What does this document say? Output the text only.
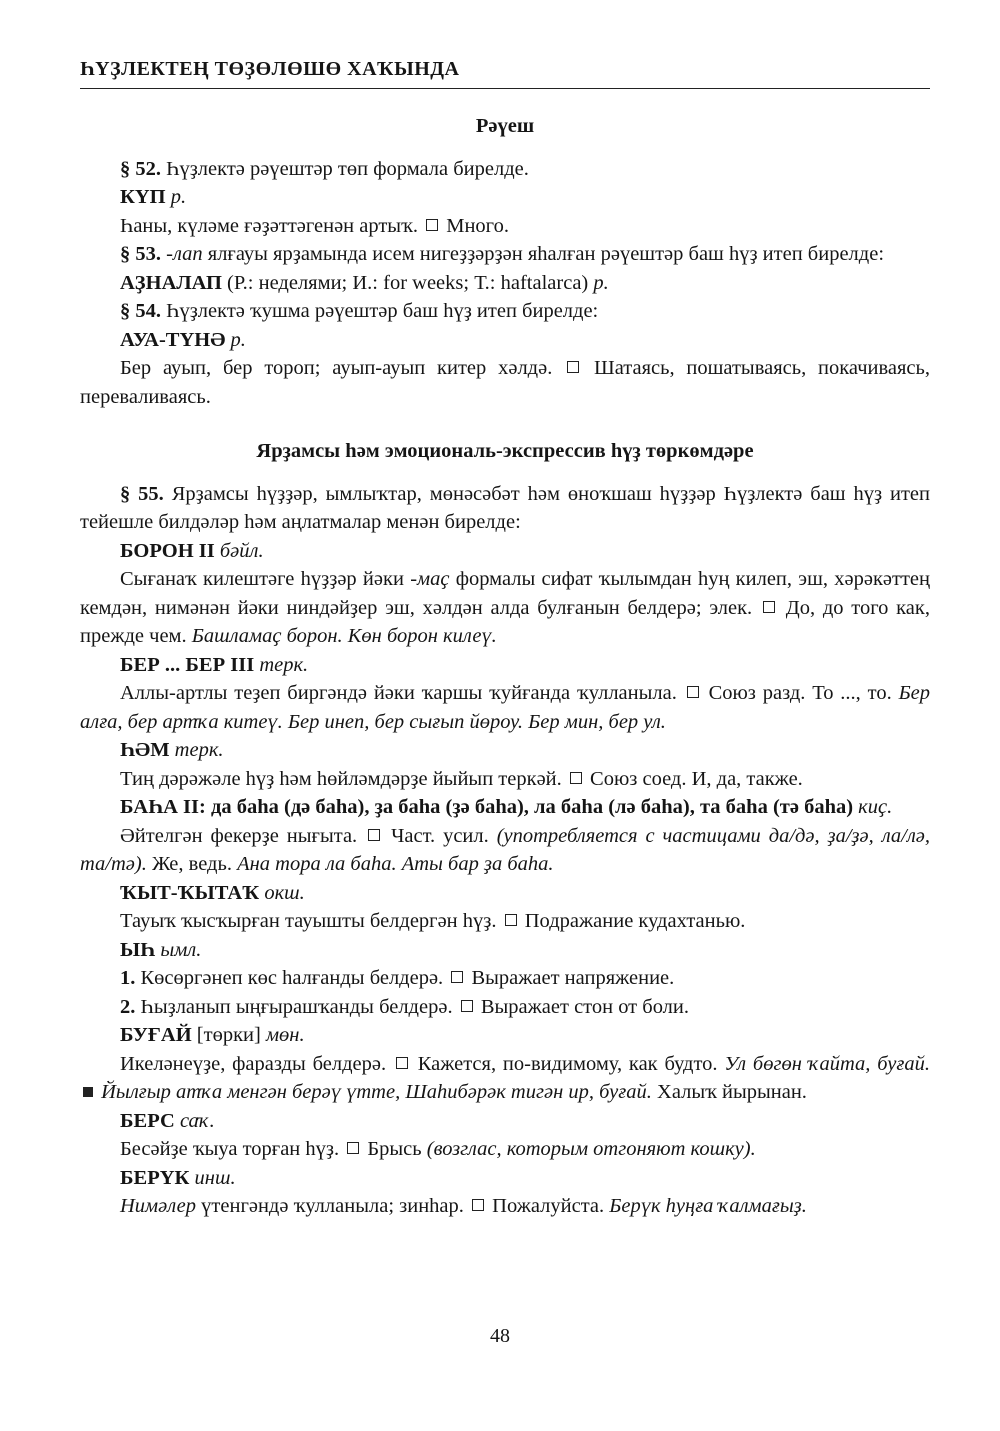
ҺҮҘЛЕКТЕҢ ТӨҘӨЛӨШӨ ХАҠЫНДА

Рәүеш

§ 52. Һүҙлектә рәүештәр төп формала бирелде.

КҮП р.

Һаны, күләме ғәҙәттәгенән артыҡ.  Много.

§ 53. -лап ялғауы ярҙамында исем нигеҙҙәрҙән яһалған рәүештәр баш һүҙ итеп бирелде:

АҘНАЛАП (Р.: неделями; И.: for weeks; Т.: haftalarca) р.

§ 54. Һүҙлектә ҡушма рәүештәр баш һүҙ итеп бирелде:

АУА-ТҮНӘ р.

Бер ауып, бер тороп; ауып-ауып китер хәлдә.  Шатаясь, пошатываясь, покачиваясь, переваливаясь.

Ярҙамсы һәм эмоциональ-экспрессив һүҙ төркөмдәре

§ 55. Ярҙамсы һүҙҙәр, ымлыҡтар, мөнәсәбәт һәм өноҡшаш һүҙҙәр Һүҙлектә баш һүҙ итеп тейешле билдәләр һәм аңлатмалар менән бирелде:

БОРОН II бәйл.

Сығанаҡ килештәге һүҙҙәр йәки -маҫ формалы сифат ҡылымдан һуң килеп, эш, хәрәкәттең кемдән, нимәнән йәки ниндәйҙер эш, хәлдән алда булғанын белдерә; элек.  До, до того как, прежде чем. Башламаҫ борон. Көн борон килеү.

БЕР ... БЕР III терк.

Аллы-артлы теҙеп биргәндә йәки ҡаршы ҡуйғанда ҡулланыла.  Союз разд. То ..., то. Бер алға, бер артҡа китеү. Бер инеп, бер сығып йөроу. Бер мин, бер ул.

ҺӘМ терк.

Тиң дәрәжәле һүҙ һәм һөйләмдәрҙе йыйып теркәй.  Союз соед. И, да, также.

БАҺА II: да баhа (дә баhа), ҙа баhа (ҙә баhа), ла баhа (лә баhа), та баhа (тә баhа) киҫ.

Әйтелгән фекерҙе нығыта.  Част. усил. (употребляется с частицами да/дә, ҙа/ҙә, ла/лә, та/тә). Же, ведь. Ана тора ла баhа. Аты бар ҙа баhа.

ҠЫТ-ҠЫТАҠ окш.

Тауыҡ ҡысҡырған тауышты белдергән һүҙ.  Подражание кудахтанью.

ЫҺ ымл.

1. Көсөргәнеп көс һалғанды белдерә.  Выражает напряжение.

2. Һыҙланып ыңғырашҡанды белдерә.  Выражает стон от боли.

БУҒАЙ [төрки] мөн.

Икеләнеүҙе, фаразды белдерә.  Кажется, по-видимому, как будто. Ул бөгөн ҡайта, буғай.  Йылғыр атҡа менгән берәү үтте, Шаһибәрәк тигән ир, буғай. Халыҡ йырынан.

БЕРС саҡ.

Бесәйҙе ҡыуа торған һүҙ.  Брысь (возглас, которым отгоняют кошку).

БЕРҮК инш.

Нимәлер үтенгәндә ҡулланыла; зинһар.  Пожалуйста. Берүк һуңға ҡалмағыҙ.

48
